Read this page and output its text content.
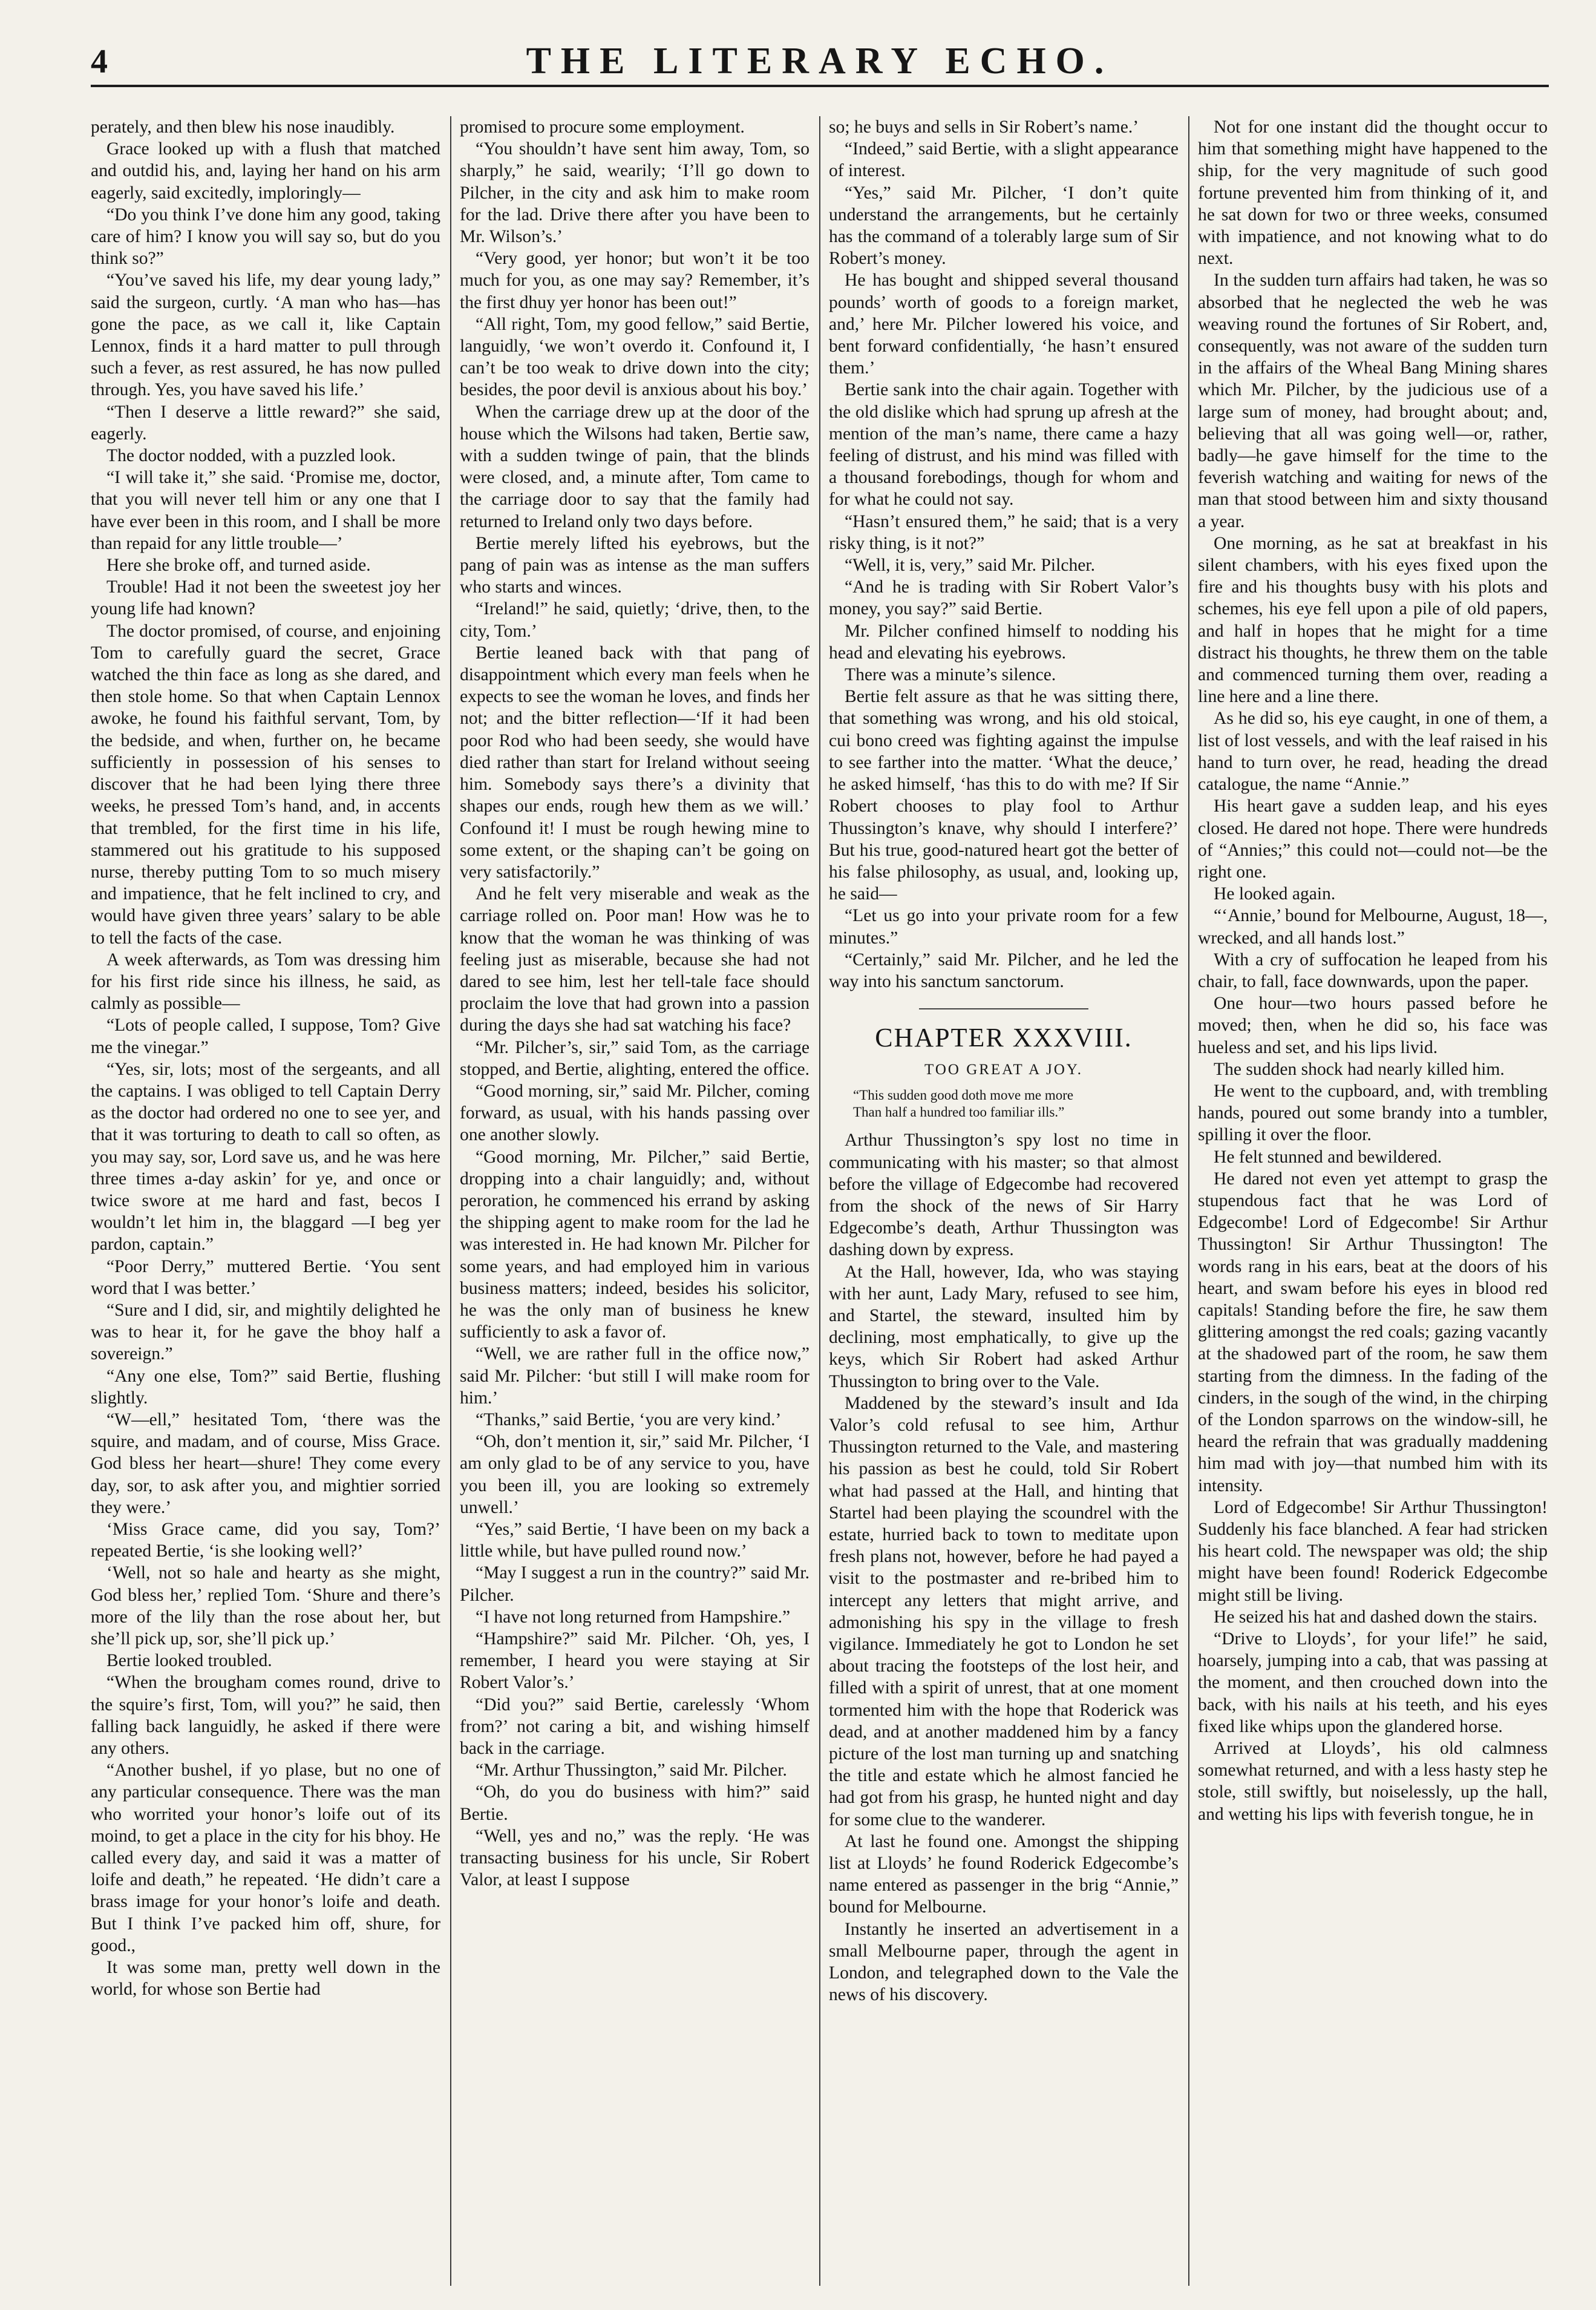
4	THE LITERARY ECHO.

perately, and then blew his nose inaudibly.

Grace looked up with a flush that matched and outdid his, and, laying her hand on his arm eagerly, said excitedly, imploringly—

“Do you think I’ve done him any good, taking care of him? I know you will say so, but do you think so?”

“You’ve saved his life, my dear young lady,” said the surgeon, curtly. ‘A man who has—has gone the pace, as we call it, like Captain Lennox, finds it a hard matter to pull through such a fever, as rest assured, he has now pulled through. Yes, you have saved his life.’

“Then I deserve a little reward?” she said, eagerly.

The doctor nodded, with a puzzled look.

“I will take it,” she said. ‘Promise me, doctor, that you will never tell him or any one that I have ever been in this room, and I shall be more than repaid for any little trouble—’

Here she broke off, and turned aside.

Trouble! Had it not been the sweetest joy her young life had known?

The doctor promised, of course, and enjoining Tom to carefully guard the secret, Grace watched the thin face as long as she dared, and then stole home. So that when Captain Lennox awoke, he found his faithful servant, Tom, by the bedside, and when, further on, he became sufficiently in possession of his senses to discover that he had been lying there three weeks, he pressed Tom’s hand, and, in accents that trembled, for the first time in his life, stammered out his gratitude to his supposed nurse, thereby putting Tom to so much misery and impatience, that he felt inclined to cry, and would have given three years’ salary to be able to tell the facts of the case.

A week afterwards, as Tom was dressing him for his first ride since his illness, he said, as calmly as possible—

“Lots of people called, I suppose, Tom? Give me the vinegar.”

“Yes, sir, lots; most of the sergeants, and all the captains. I was obliged to tell Captain Derry as the doctor had ordered no one to see yer, and that it was torturing to death to call so often, as you may say, sor, Lord save us, and he was here three times a-day askin’ for ye, and once or twice swore at me hard and fast, becos I wouldn’t let him in, the blaggard —I beg yer pardon, captain.”

“Poor Derry,” muttered Bertie. ‘You sent word that I was better.’

“Sure and I did, sir, and mightily delighted he was to hear it, for he gave the bhoy half a sovereign.”

“Any one else, Tom?” said Bertie, flushing slightly.

“W—ell,” hesitated Tom, ‘there was the squire, and madam, and of course, Miss Grace. God bless her heart—shure! They come every day, sor, to ask after you, and mightier sorried they were.’

‘Miss Grace came, did you say, Tom?’ repeated Bertie, ‘is she looking well?’

‘Well, not so hale and hearty as she might, God bless her,’ replied Tom. ‘Shure and there’s more of the lily than the rose about her, but she’ll pick up, sor, she’ll pick up.’

Bertie looked troubled.

“When the brougham comes round, drive to the squire’s first, Tom, will you?” he said, then falling back languidly, he asked if there were any others.

“Another bushel, if yo plase, but no one of any particular consequence. There was the man who worrited your honor’s loife out of its moind, to get a place in the city for his bhoy. He called every day, and said it was a matter of loife and death,” he repeated. ‘He didn’t care a brass image for your honor’s loife and death. But I think I’ve packed him off, shure, for good.,

It was some man, pretty well down in the world, for whose son Bertie had

promised to procure some employment.

“You shouldn’t have sent him away, Tom, so sharply,” he said, wearily; ‘I’ll go down to Pilcher, in the city and ask him to make room for the lad. Drive there after you have been to Mr. Wilson’s.’

“Very good, yer honor; but won’t it be too much for you, as one may say? Remember, it’s the first dhuy yer honor has been out!”

“All right, Tom, my good fellow,” said Bertie, languidly, ‘we won’t overdo it. Confound it, I can’t be too weak to drive down into the city; besides, the poor devil is anxious about his boy.’

When the carriage drew up at the door of the house which the Wilsons had taken, Bertie saw, with a sudden twinge of pain, that the blinds were closed, and, a minute after, Tom came to the carriage door to say that the family had returned to Ireland only two days before.

Bertie merely lifted his eyebrows, but the pang of pain was as intense as the man suffers who starts and winces.

“Ireland!” he said, quietly; ‘drive, then, to the city, Tom.’

Bertie leaned back with that pang of disappointment which every man feels when he expects to see the woman he loves, and finds her not; and the bitter reflection—‘If it had been poor Rod who had been seedy, she would have died rather than start for Ireland without seeing him. Somebody says there’s a divinity that shapes our ends, rough hew them as we will.’ Confound it! I must be rough hewing mine to some extent, or the shaping can’t be going on very satisfactorily.”

And he felt very miserable and weak as the carriage rolled on. Poor man! How was he to know that the woman he was thinking of was feeling just as miserable, because she had not dared to see him, lest her tell-tale face should proclaim the love that had grown into a passion during the days she had sat watching his face?

“Mr. Pilcher’s, sir,” said Tom, as the carriage stopped, and Bertie, alighting, entered the office.

“Good morning, sir,” said Mr. Pilcher, coming forward, as usual, with his hands passing over one another slowly.

“Good morning, Mr. Pilcher,” said Bertie, dropping into a chair languidly; and, without peroration, he commenced his errand by asking the shipping agent to make room for the lad he was interested in. He had known Mr. Pilcher for some years, and had employed him in various business matters; indeed, besides his solicitor, he was the only man of business he knew sufficiently to ask a favor of.

“Well, we are rather full in the office now,” said Mr. Pilcher: ‘but still I will make room for him.’

“Thanks,” said Bertie, ‘you are very kind.’

“Oh, don’t mention it, sir,” said Mr. Pilcher, ‘I am only glad to be of any service to you, have you been ill, you are looking so extremely unwell.’

“Yes,” said Bertie, ‘I have been on my back a little while, but have pulled round now.’

“May I suggest a run in the country?” said Mr. Pilcher.

“I have not long returned from Hampshire.”

“Hampshire?” said Mr. Pilcher. ‘Oh, yes, I remember, I heard you were staying at Sir Robert Valor’s.’

“Did you?” said Bertie, carelessly ‘Whom from?’ not caring a bit, and wishing himself back in the carriage.

“Mr. Arthur Thussington,” said Mr. Pilcher.

“Oh, do you do business with him?” said Bertie.

“Well, yes and no,” was the reply. ‘He was transacting business for his uncle, Sir Robert Valor, at least I suppose

so; he buys and sells in Sir Robert’s name.’

“Indeed,” said Bertie, with a slight appearance of interest.

“Yes,” said Mr. Pilcher, ‘I don’t quite understand the arrangements, but he certainly has the command of a tolerably large sum of Sir Robert’s money.

He has bought and shipped several thousand pounds’ worth of goods to a foreign market, and,’ here Mr. Pilcher lowered his voice, and bent forward confidentially, ‘he hasn’t ensured them.’

Bertie sank into the chair again. Together with the old dislike which had sprung up afresh at the mention of the man’s name, there came a hazy feeling of distrust, and his mind was filled with a thousand forebodings, though for whom and for what he could not say.

“Hasn’t ensured them,” he said; that is a very risky thing, is it not?”

“Well, it is, very,” said Mr. Pilcher.

“And he is trading with Sir Robert Valor’s money, you say?” said Bertie.

Mr. Pilcher confined himself to nodding his head and elevating his eyebrows.

There was a minute’s silence.

Bertie felt assure as that he was sitting there, that something was wrong, and his old stoical, cui bono creed was fighting against the impulse to see farther into the matter. ‘What the deuce,’ he asked himself, ‘has this to do with me? If Sir Robert chooses to play fool to Arthur Thussington’s knave, why should I interfere?’ But his true, good-natured heart got the better of his false philosophy, as usual, and, looking up, he said—

“Let us go into your private room for a few minutes.”

“Certainly,” said Mr. Pilcher, and he led the way into his sanctum sanctorum.

CHAPTER XXXVIII.
TOO GREAT A JOY.
“This sudden good doth move me more
Than half a hundred too familiar ills.”

Arthur Thussington’s spy lost no time in communicating with his master; so that almost before the village of Edgecombe had recovered from the shock of the news of Sir Harry Edgecombe’s death, Arthur Thussington was dashing down by express.

At the Hall, however, Ida, who was staying with her aunt, Lady Mary, refused to see him, and Startel, the steward, insulted him by declining, most emphatically, to give up the keys, which Sir Robert had asked Arthur Thussington to bring over to the Vale.

Maddened by the steward’s insult and Ida Valor’s cold refusal to see him, Arthur Thussington returned to the Vale, and mastering his passion as best he could, told Sir Robert what had passed at the Hall, and hinting that Startel had been playing the scoundrel with the estate, hurried back to town to meditate upon fresh plans not, however, before he had payed a visit to the postmaster and re-bribed him to intercept any letters that might arrive, and admonishing his spy in the village to fresh vigilance. Immediately he got to London he set about tracing the footsteps of the lost heir, and filled with a spirit of unrest, that at one moment tormented him with the hope that Roderick was dead, and at another maddened him by a fancy picture of the lost man turning up and snatching the title and estate which he almost fancied he had got from his grasp, he hunted night and day for some clue to the wanderer.

At last he found one. Amongst the shipping list at Lloyds’ he found Roderick Edgecombe’s name entered as passenger in the brig “Annie,” bound for Melbourne.

Instantly he inserted an advertisement in a small Melbourne paper, through the agent in London, and telegraphed down to the Vale the news of his discovery.

Not for one instant did the thought occur to him that something might have happened to the ship, for the very magnitude of such good fortune prevented him from thinking of it, and he sat down for two or three weeks, consumed with impatience, and not knowing what to do next.

In the sudden turn affairs had taken, he was so absorbed that he neglected the web he was weaving round the fortunes of Sir Robert, and, consequently, was not aware of the sudden turn in the affairs of the Wheal Bang Mining shares which Mr. Pilcher, by the judicious use of a large sum of money, had brought about; and, believing that all was going well—or, rather, badly—he gave himself for the time to the feverish watching and waiting for news of the man that stood between him and sixty thousand a year.

One morning, as he sat at breakfast in his silent chambers, with his eyes fixed upon the fire and his thoughts busy with his plots and schemes, his eye fell upon a pile of old papers, and half in hopes that he might for a time distract his thoughts, he threw them on the table and commenced turning them over, reading a line here and a line there.

As he did so, his eye caught, in one of them, a list of lost vessels, and with the leaf raised in his hand to turn over, he read, heading the dread catalogue, the name “Annie.”

His heart gave a sudden leap, and his eyes closed. He dared not hope. There were hundreds of “Annies;” this could not—could not—be the right one.

He looked again.

“‘Annie,’ bound for Melbourne, August, 18—, wrecked, and all hands lost.”

With a cry of suffocation he leaped from his chair, to fall, face downwards, upon the paper.

One hour—two hours passed before he moved; then, when he did so, his face was hueless and set, and his lips livid.

The sudden shock had nearly killed him.

He went to the cupboard, and, with trembling hands, poured out some brandy into a tumbler, spilling it over the floor.

He felt stunned and bewildered.

He dared not even yet attempt to grasp the stupendous fact that he was Lord of Edgecombe! Lord of Edgecombe! Sir Arthur Thussington! Sir Arthur Thussington! The words rang in his ears, beat at the doors of his heart, and swam before his eyes in blood red capitals! Standing before the fire, he saw them glittering amongst the red coals; gazing vacantly at the shadowed part of the room, he saw them starting from the dimness. In the fading of the cinders, in the sough of the wind, in the chirping of the London sparrows on the window-sill, he heard the refrain that was gradually maddening him mad with joy—that numbed him with its intensity.

Lord of Edgecombe! Sir Arthur Thussington! Suddenly his face blanched. A fear had stricken his heart cold. The newspaper was old; the ship might have been found! Roderick Edgecombe might still be living.

He seized his hat and dashed down the stairs.

“Drive to Lloyds’, for your life!” he said, hoarsely, jumping into a cab, that was passing at the moment, and then crouched down into the back, with his nails at his teeth, and his eyes fixed like whips upon the glandered horse.

Arrived at Lloyds’, his old calmness somewhat returned, and with a less hasty step he stole, still swiftly, but noiselessly, up the hall, and wetting his lips with feverish tongue, he in
